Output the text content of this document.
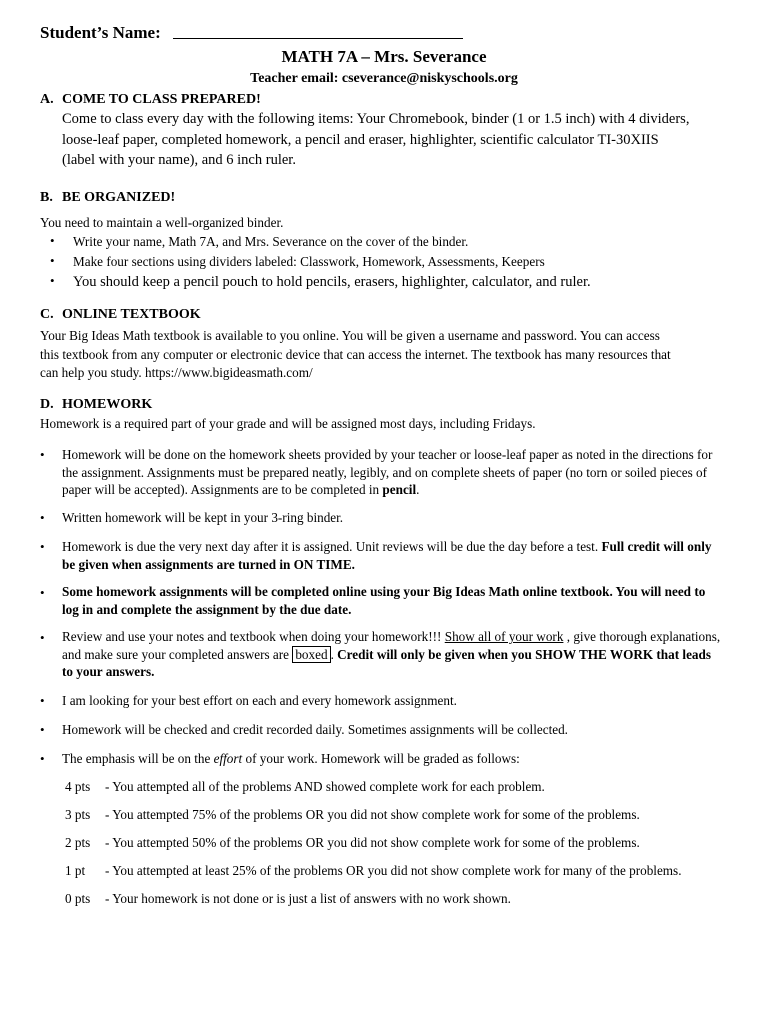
Student’s Name:
MATH 7A – Mrs. Severance
Teacher email: cseverance@niskyschools.org
A. COME TO CLASS PREPARED!
Come to class every day with the following items: Your Chromebook, binder (1 or 1.5 inch) with 4 dividers,
loose-leaf paper, completed homework, a pencil and eraser, highlighter, scientific calculator TI-30XIIS
(label with your name), and 6 inch ruler.
B. BE ORGANIZED!
You need to maintain a well-organized binder.
• Write your name, Math 7A, and Mrs. Severance on the cover of the binder.
• Make four sections using dividers labeled: Classwork, Homework, Assessments, Keepers
• You should keep a pencil pouch to hold pencils, erasers, highlighter, calculator, and ruler.
C. ONLINE TEXTBOOK
Your Big Ideas Math textbook is available to you online. You will be given a username and password. You can access
this textbook from any computer or electronic device that can access the internet. The textbook has many resources that
can help you study. https://www.bigideasmath.com/
D. HOMEWORK
Homework is a required part of your grade and will be assigned most days, including Fridays.
• Homework will be done on the homework sheets provided by your teacher or loose-leaf paper as noted in the directions for the assignment. Assignments must be prepared neatly, legibly, and on complete sheets of paper (no torn or soiled pieces of paper will be accepted). Assignments are to be completed in pencil.
• Written homework will be kept in your 3-ring binder.
• Homework is due the very next day after it is assigned. Unit reviews will be due the day before a test. Full credit will only be given when assignments are turned in ON TIME.
• Some homework assignments will be completed online using your Big Ideas Math online textbook. You will need to log in and complete the assignment by the due date.
• Review and use your notes and textbook when doing your homework!!! Show all of your work , give thorough explanations, and make sure your completed answers are boxed . Credit will only be given when you SHOW THE WORK that leads to your answers.
• I am looking for your best effort on each and every homework assignment.
• Homework will be checked and credit recorded daily. Sometimes assignments will be collected.
• The emphasis will be on the effort of your work. Homework will be graded as follows:
4 pts - You attempted all of the problems AND showed complete work for each problem.
3 pts - You attempted 75% of the problems OR you did not show complete work for some of the problems.
2 pts - You attempted 50% of the problems OR you did not show complete work for some of the problems.
1 pt - You attempted at least 25% of the problems OR you did not show complete work for many of the problems.
0 pts - Your homework is not done or is just a list of answers with no work shown.
